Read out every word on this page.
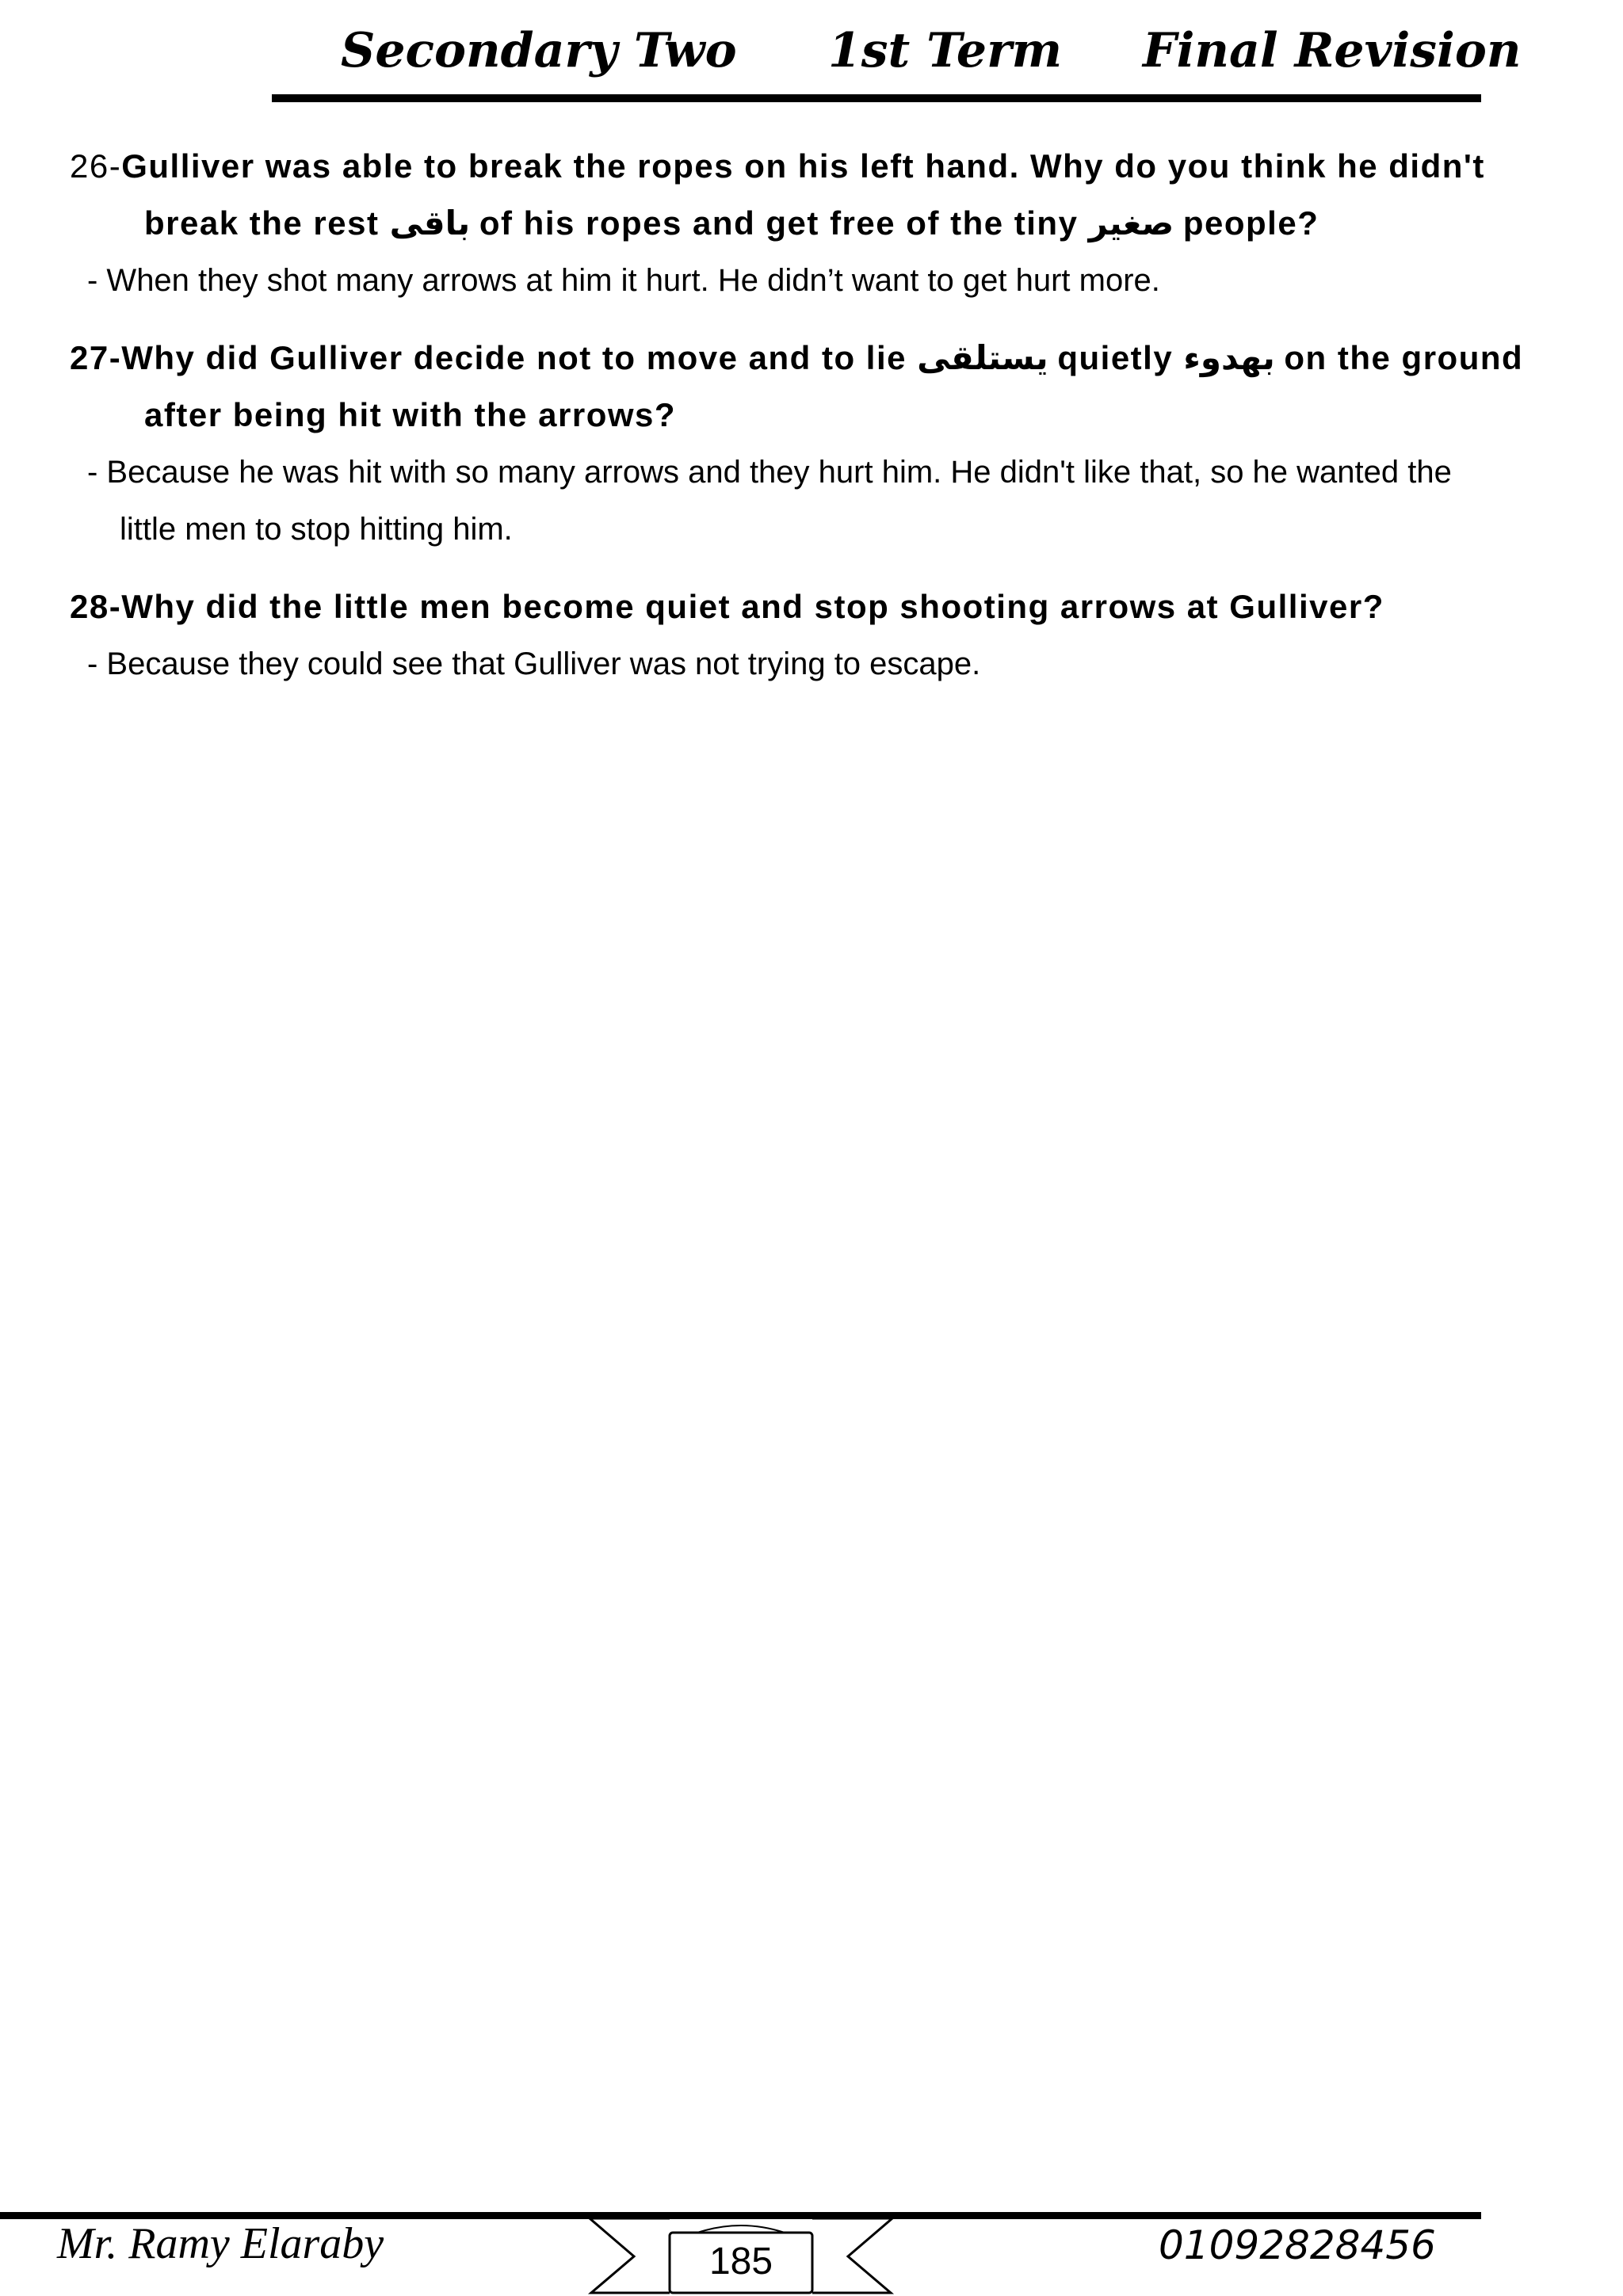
Secondary Two 1st Term Final Revision
26-Gulliver was able to break the ropes on his left hand. Why do you think he didn't
break the rest باقى of his ropes and get free of the tiny صغير people?
- When they shot many arrows at him it hurt. He didn’t want to get hurt more.
27-Why did Gulliver decide not to move and to lie يستلقى quietly بهدوء on the ground
after being hit with the arrows?
- Because he was hit with so many arrows and they hurt him. He didn't like that, so he wanted the
little men to stop hitting him.
28-Why did the little men become quiet and stop shooting arrows at Gulliver?
- Because they could see that Gulliver was not trying to escape.
Mr. Ramy Elaraby	185	01092828456
